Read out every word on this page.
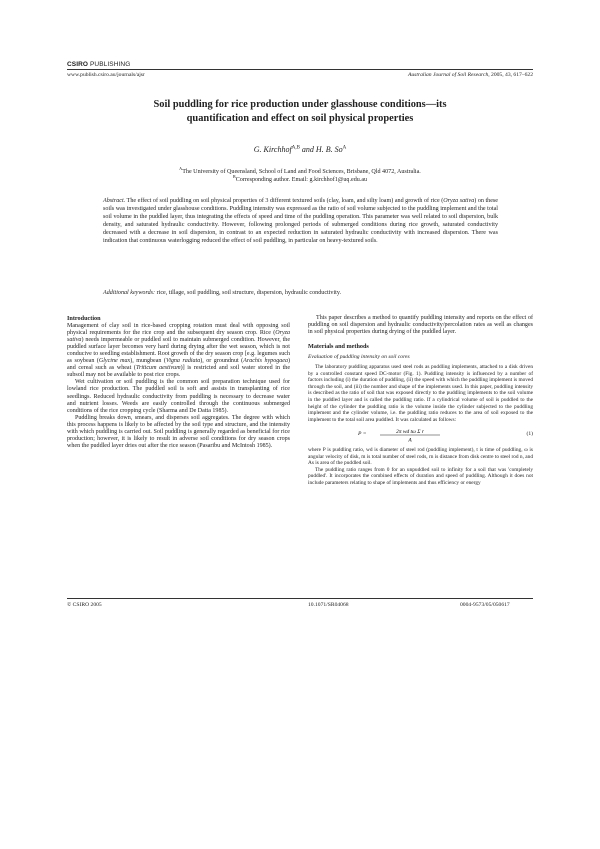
CSIRO PUBLISHING
www.publish.csiro.au/journals/ajsr	Australian Journal of Soil Research, 2005, 43, 617–622
Soil puddling for rice production under glasshouse conditions—its
quantification and effect on soil physical properties
G. Kirchhof$^{A,B}$ and H. B. $So^A$
$^A$The University of Queensland, School of Land and Food Sciences, Brisbane, Qld 4072, Australia.
$^B$Corresponding author. Email: g.kirchhof1@uq.edu.au
Abstract. The effect of soil puddling on soil physical properties of 3 different textured soils (clay, loam, and silty loam) and growth of rice (Oryza sativa) on these soils was investigated under glasshouse conditions. Puddling intensity was expressed as the ratio of soil volume subjected to the puddling implement and the total soil volume in the puddled layer, thus integrating the effects of speed and time of the puddling operation. This parameter was well related to soil dispersion, bulk density, and saturated hydraulic conductivity. However, following prolonged periods of submerged conditions during rice growth, saturated conductivity decreased with a decrease in soil dispersion, in contrast to an expected reduction in saturated hydraulic conductivity with increased dispersion. There was indication that continuous waterlogging reduced the effect of soil puddling, in particular on heavy-textured soils.
Additional keywords: rice, tillage, soil puddling, soil structure, dispersion, hydraulic conductivity.
Introduction

Management of clay soil in rice-based cropping rotation must deal with opposing soil physical requirements for the rice crop and the subsequent dry season crop. Rice (Oryza sativa) needs impermeable or puddled soil to maintain submerged condition. However, the puddled surface layer becomes very hard during drying after the wet season, which is not conducive to seedling establishment. Root growth of the dry season crop [e.g. legumes such as soybean (Glycine max), mungbean (Vigna radiata), or groundnut (Arachis hypogaea) and cereal such as wheat (Triticum aestivum)] is restricted and soil water stored in the subsoil may not be available to post rice crops.

Wet cultivation or soil puddling is the common soil preparation technique used for lowland rice production. The puddled soil is soft and assists in transplanting of rice seedlings. Reduced hydraulic conductivity from puddling is necessary to decrease water and nutrient losses. Weeds are easily controlled through the continuous submerged conditions of the rice cropping cycle (Sharma and De Datta 1985).

Puddling breaks down, smears, and disperses soil aggregates. The degree with which this process happens is likely to be affected by the soil type and structure, and the intensity with which puddling is carried out. Soil puddling is generally regarded as beneficial for rice production; however, it is likely to result in adverse soil conditions for dry season crops when the puddled layer dries out after the rice season (Pasaribu and McIntosh 1985).

This paper describes a method to quantify puddling intensity and reports on the effect of puddling on soil dispersion and hydraulic conductivity/percolation rates as well as changes in soil physical properties during drying of the puddled layer.

Materials and methods
Evaluation of puddling intensity on soil cores

The laboratory puddling apparatus used steel rods as puddling implements, attached to a disk driven by a controlled constant speed DC-motor (Fig. 1). Puddling intensity is influenced by a number of factors including (i) the duration of puddling, (ii) the speed with which the puddling implement is moved through the soil, and (iii) the number and shape of the implements used. In this paper, puddling intensity is described as the ratio of soil that was exposed directly to the puddling implements to the soil volume in the puddled layer and is called the puddling ratio. If a cylindrical volume of soil is puddled to the height of the cylinder the puddling ratio is the volume inside the cylinder subjected to the puddling implement and the cylinder volume, i.e. the puddling ratio reduces to the area of soil exposed to the implement to the total soil area puddled. It was calculated as follows:

P =	2π wd tω Σ r
A
(1)

where P is puddling ratio, wd is diameter of steel rod (puddling implement), t is time of puddling, ω is angular velocity of disk, m is total number of steel rods, rn is distance from disk centre to steel rod n, and As is area of the puddled soil.

The puddling ratio ranges from 0 for an unpuddled soil to infinity for a soil that was 'completely puddled'. It incorporates the combined effects of duration and speed of puddling. Although it does not include parameters relating to shape of implements and thus efficiency or energy

© CSIRO 2005	10.1071/SR04068	0004-9573/05/050617
